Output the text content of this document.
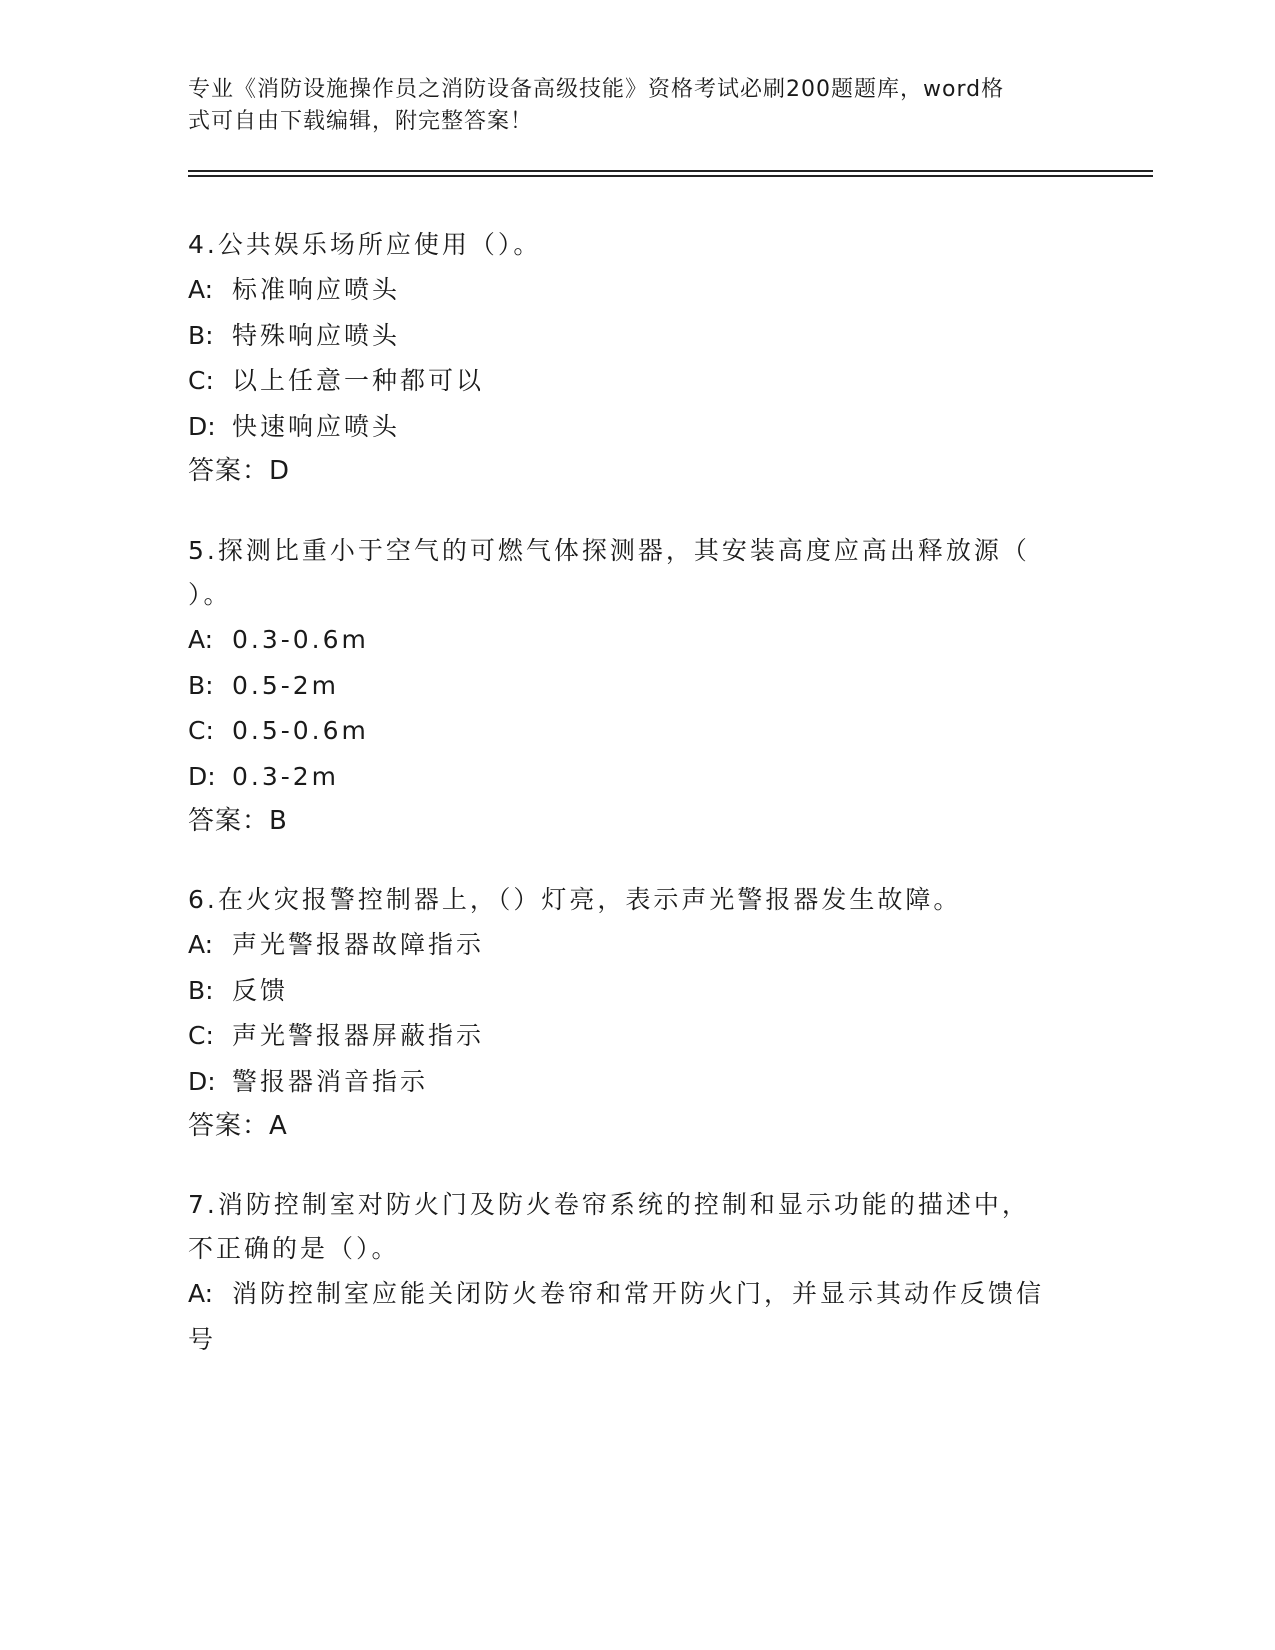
专业《消防设施操作员之消防设备高级技能》资格考试必刷200题题库，word格
式可自由下载编辑，附完整答案！
4.公共娱乐场所应使用（）。
A: 标准响应喷头
B: 特殊响应喷头
C: 以上任意一种都可以
D: 快速响应喷头
答案：D
5.探测比重小于空气的可燃气体探测器，其安装高度应高出释放源（
）。
A: 0.3-0.6m
B: 0.5-2m
C: 0.5-0.6m
D: 0.3-2m
答案：B
6.在火灾报警控制器上，（）灯亮，表示声光警报器发生故障。
A: 声光警报器故障指示
B: 反馈
C: 声光警报器屏蔽指示
D: 警报器消音指示
答案：A
7.消防控制室对防火门及防火卷帘系统的控制和显示功能的描述中，
不正确的是（）。
A: 消防控制室应能关闭防火卷帘和常开防火门，并显示其动作反馈信
号
